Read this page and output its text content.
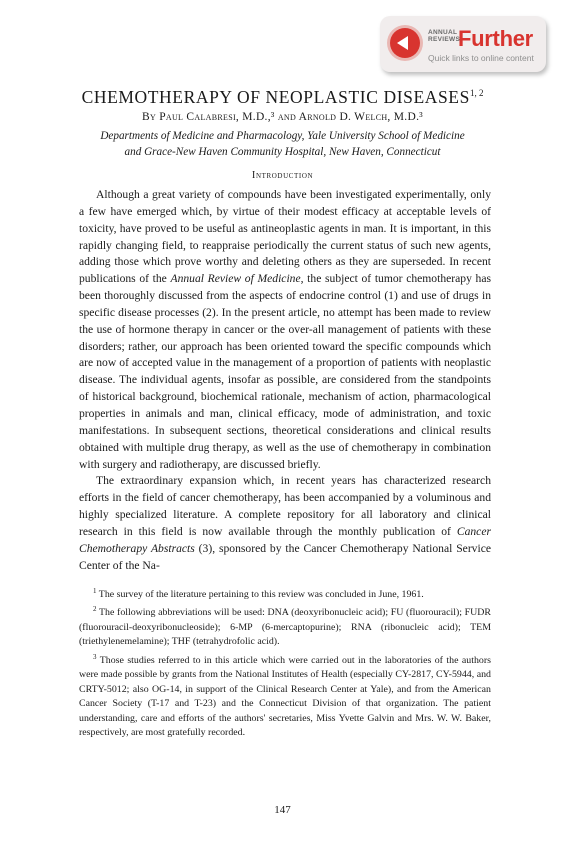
ANNUAL
REVIEWS
Further
Quick links to online content
CHEMOTHERAPY OF NEOPLASTIC DISEASES$^{1, 2}$
By Paul Calabresi, M.D.,³ and Arnold D. Welch, M.D.³
Departments of Medicine and Pharmacology, Yale University School of Medicine
and Grace-New Haven Community Hospital, New Haven, Connecticut
Introduction

Although a great variety of compounds have been investigated experimentally, only a few have emerged which, by virtue of their modest efficacy at acceptable levels of toxicity, have proved to be useful as antineoplastic agents in man. It is important, in this rapidly changing field, to reappraise periodically the current status of such new agents, adding those which prove worthy and deleting others as they are superseded. In recent publications of the Annual Review of Medicine, the subject of tumor chemotherapy has been thoroughly discussed from the aspects of endocrine control (1) and use of drugs in specific disease processes (2). In the present article, no attempt has been made to review the use of hormone therapy in cancer or the over-all management of patients with these disorders; rather, our approach has been oriented toward the specific compounds which are now of accepted value in the management of a proportion of patients with neoplastic disease. The individual agents, insofar as possible, are considered from the standpoints of historical background, biochemical rationale, mechanism of action, pharmacological properties in animals and man, clinical efficacy, mode of administration, and toxic manifestations. In subsequent sections, theoretical considerations and clinical results obtained with multiple drug therapy, as well as the use of chemotherapy in combination with surgery and radiotherapy, are discussed briefly.

The extraordinary expansion which, in recent years has characterized research efforts in the field of cancer chemotherapy, has been accompanied by a voluminous and highly specialized literature. A complete repository for all laboratory and clinical research in this field is now available through the monthly publication of Cancer Chemotherapy Abstracts (3), sponsored by the Cancer Chemotherapy National Service Center of the Na-

$^1$ The survey of the literature pertaining to this review was concluded in June, 1961.

$^2$ The following abbreviations will be used: DNA (deoxyribonucleic acid); FU (fluorouracil); FUDR (fluorouracil-deoxyribonucleoside); 6-MP (6-mercaptopurine); RNA (ribonucleic acid); TEM (triethylenemelamine); THF (tetrahydrofolic acid).

$^3$ Those studies referred to in this article which were carried out in the laboratories of the authors were made possible by grants from the National Institutes of Health (especially CY-2817, CY-5944, and CRTY-5012; also OG-14, in support of the Clinical Research Center at Yale), and from the American Cancer Society (T-17 and T-23) and the Connecticut Division of that organization. The patient understanding, care and efforts of the authors' secretaries, Miss Yvette Galvin and Mrs. W. W. Baker, respectively, are most gratefully recorded.

147
